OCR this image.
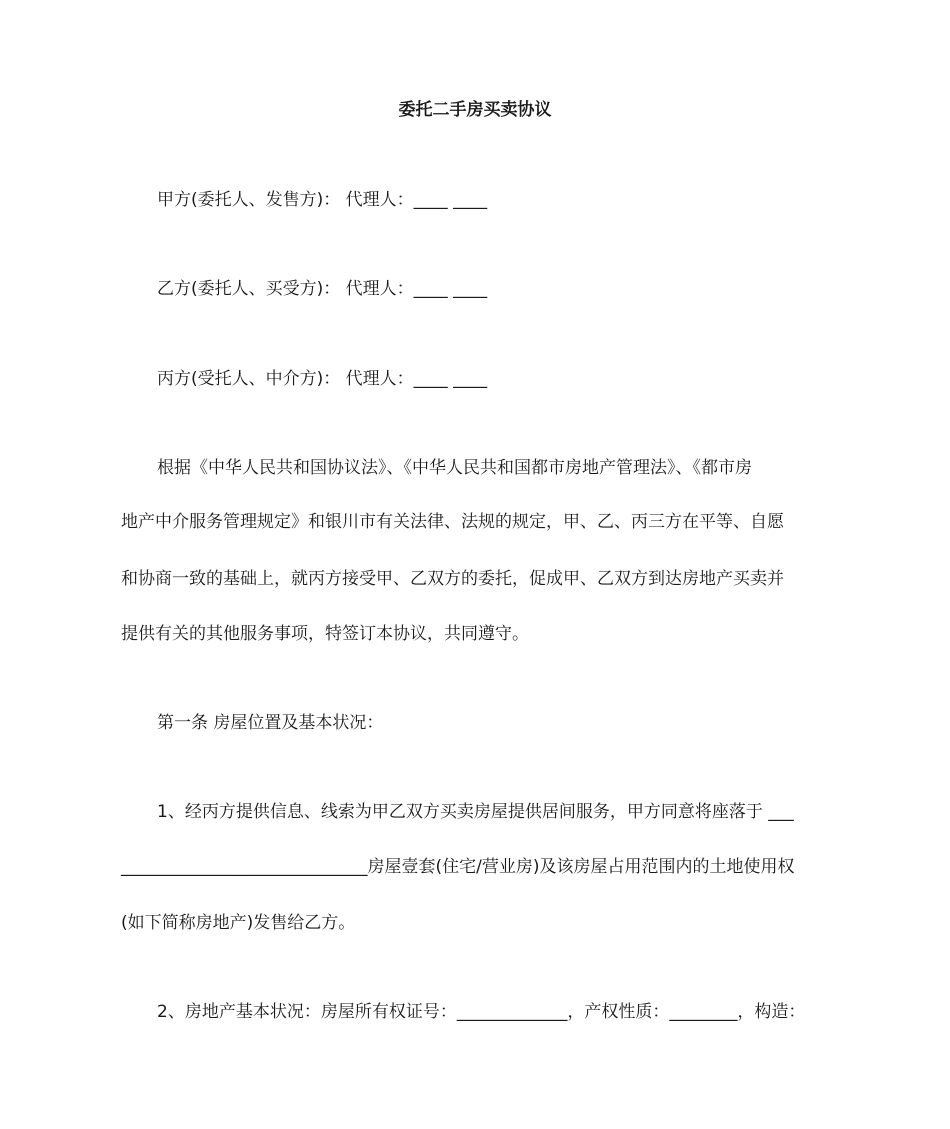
委托二手房买卖协议
甲方(委托人、发售方)： 代理人：____ ____
乙方(委托人、买受方)： 代理人：____ ____
丙方(受托人、中介方)： 代理人：____ ____
根据《中华人民共和国协议法》、《中华人民共和国都市房地产管理法》、《都市房
地产中介服务管理规定》和银川市有关法律、法规的规定，甲、乙、丙三方在平等、自愿
和协商一致的基础上，就丙方接受甲、乙双方的委托，促成甲、乙双方到达房地产买卖并
提供有关的其他服务事项，特签订本协议，共同遵守。
第一条 房屋位置及基本状况：
1、经丙方提供信息、线索为甲乙双方买卖房屋提供居间服务，甲方同意将座落于 ___
_____________________________房屋壹套(住宅/营业房)及该房屋占用范围内的土地使用权
(如下简称房地产)发售给乙方。
2、房地产基本状况：房屋所有权证号：_____________，产权性质：________，构造：
